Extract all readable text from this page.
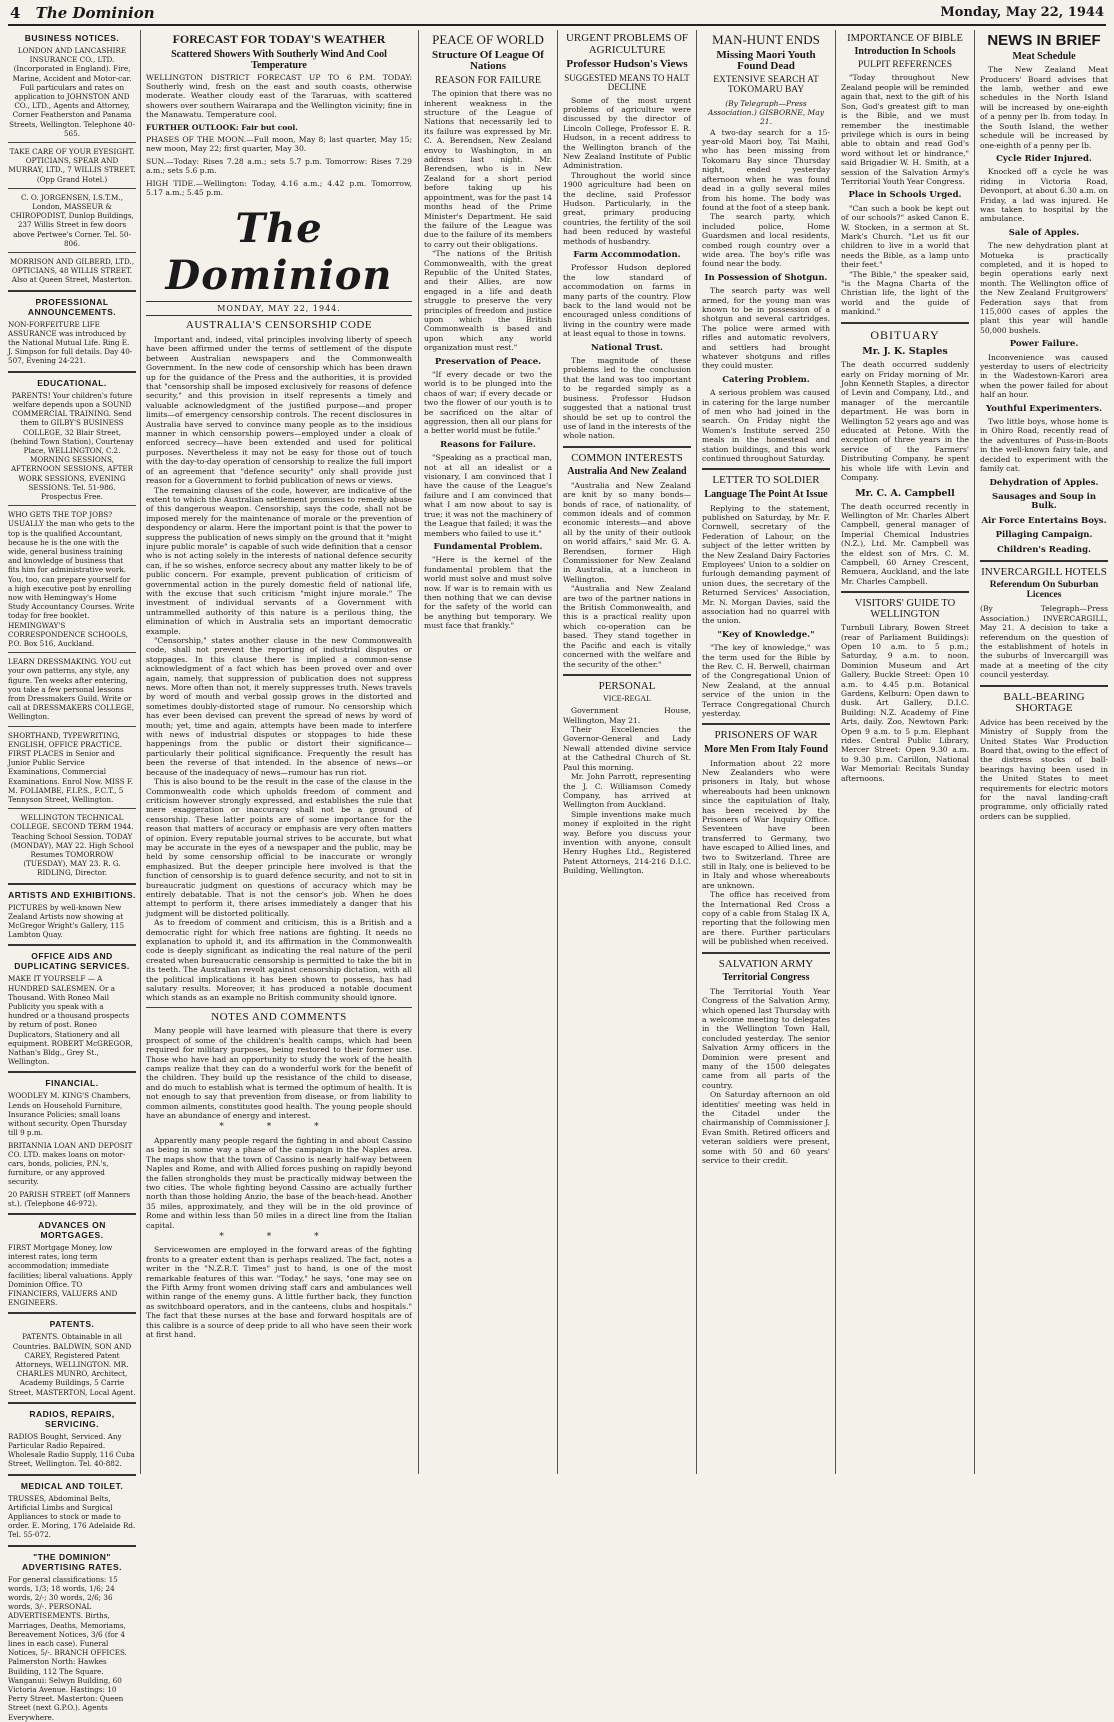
4 The Dominion	Monday, May 22, 1944
BUSINESS NOTICES.
LONDON AND LANCASHIRE INSURANCE CO., LTD. (Incorporated in England). Fire, Marine, Accident and Motor-car. Full particulars and rates on application to JOHNSTON AND CO., LTD., Agents and Attorney, Corner Featherston and Panama Streets, Wellington. Telephone 40-565.
TAKE CARE OF YOUR EYESIGHT. OPTICIANS, SPEAR AND MURRAY, LTD., 7 WILLIS STREET. (Opp Grand Hotel.)
C. O. JORGENSEN, I.S.T.M., London, MASSEUR & CHIROPODIST, Dunlop Buildings, 237 Willis Street in few doors above Pertwee's Corner. Tel. 50-806.
MORRISON AND GILBERD, LTD., OPTICIANS, 48 WILLIS STREET. Also at Queen Street, Masterton.
PROFESSIONAL ANNOUNCEMENTS.
NON-FORFEITURE LIFE ASSURANCE was introduced by the National Mutual Life. Ring E. J. Simpson for full details. Day 40-507, Evening 24-221.
EDUCATIONAL.
PARENTS! Your children's future welfare depends upon a SOUND COMMERCIAL TRAINING. Send them to GILBY'S BUSINESS COLLEGE, 32 Blair Street, (behind Town Station), Courtenay Place, WELLINGTON, C.2. MORNING SESSIONS, AFTERNOON SESSIONS, AFTER WORK SESSIONS, EVENING SESSIONS. Tel. 51-986. Prospectus Free.
WHO GETS THE TOP JOBS? USUALLY the man who gets to the top is the qualified Accountant, because he is the one with the wide, general business training and knowledge of business that fits him for administrative work. You, too, can prepare yourself for a high executive post by enrolling now with Hemingway's Home Study Accountancy Courses. Write today for free booklet. HEMINGWAY'S CORRESPONDENCE SCHOOLS, P.O. Box 516, Auckland.
LEARN DRESSMAKING. YOU cut your own patterns, any style, any figure. Ten weeks after entering, you take a few personal lessons from Dressmakers Guild. Write or call at DRESSMAKERS COLLEGE, Wellington.
SHORTHAND, TYPEWRITING, ENGLISH, OFFICE PRACTICE. FIRST PLACES in Senior and Junior Public Service Examinations, Commercial Examinations. Enrol Now. MISS F. M. FOLIAMBE, F.I.P.S., F.C.T., 5 Tennyson Street, Wellington.
WELLINGTON TECHNICAL COLLEGE. SECOND TERM 1944. Teaching School Session. TODAY (MONDAY), MAY 22. High School Resumes TOMORROW (TUESDAY), MAY 23. R. G. RIDLING, Director.
ARTISTS AND EXHIBITIONS.
PICTURES by well-known New Zealand Artists now showing at McGregor Wright's Gallery, 115 Lambton Quay.
OFFICE AIDS AND DUPLICATING SERVICES.
MAKE IT YOURSELF — A HUNDRED SALESMEN. Or a Thousand. With Roneo Mail Publicity you speak with a hundred or a thousand prospects by return of post. Roneo Duplicators, Stationery and all equipment. ROBERT McGREGOR, Nathan's Bldg., Grey St., Wellington.
FINANCIAL.
WOODLEY M. KING'S Chambers, Lends on Household Furniture, Insurance Policies; small loans without security. Open Thursday till 9 p.m.
BRITANNIA LOAN AND DEPOSIT CO. LTD. makes loans on motor-cars, bonds, policies, P.N.'s, furniture, or any approved security.
20 PARISH STREET (off Manners st.). (Telephone 46-972).
ADVANCES ON MORTGAGES.
FIRST Mortgage Money, low interest rates, long term accommodation; immediate facilities; liberal valuations. Apply Dominion Office. TO FINANCIERS, VALUERS AND ENGINEERS.
PATENTS.
PATENTS. Obtainable in all Countries. BALDWIN, SON AND CAREY, Registered Patent Attorneys, WELLINGTON. MR. CHARLES MUNRO, Architect, Academy Buildings, 5 Carrie Street, MASTERTON, Local Agent.
RADIOS, REPAIRS, SERVICING.
RADIOS Bought, Serviced. Any Particular Radio Repaired. Wholesale Radio Supply, 116 Cuba Street, Wellington. Tel. 40-882.
MEDICAL AND TOILET.
TRUSSES, Abdominal Belts, Artificial Limbs and Surgical Appliances to stock or made to order. E. Moring, 176 Adelaide Rd. Tel. 55-072.
"THE DOMINION" ADVERTISING RATES.
For general classifications: 15 words, 1/3; 18 words, 1/6; 24 words, 2/-; 30 words, 2/6; 36 words, 3/-. PERSONAL ADVERTISEMENTS. Births, Marriages, Deaths, Memoriams, Bereavement Notices, 3/6 (for 4 lines in each case). Funeral Notices, 5/-. BRANCH OFFICES. Palmerston North: Hawkes Building, 112 The Square. Wanganui: Selwyn Building, 60 Victoria Avenue. Hastings: 10 Perry Street. Masterton: Queen Street (next G.P.O.). Agents Everywhere.
FORECAST FOR TODAY'S WEATHER
Scattered Showers With Southerly Wind And Cool Temperature
WELLINGTON DISTRICT FORECAST UP TO 6 P.M. TODAY: Southerly wind, fresh on the east and south coasts, otherwise moderate. Weather cloudy east of the Tararuas, with scattered showers over southern Wairarapa and the Wellington vicinity; fine in the Manawatu. Temperature cool.
FURTHER OUTLOOK: Fair but cool.
PHASES OF THE MOON.—Full moon, May 8; last quarter, May 15; new moon, May 22; first quarter, May 30.
SUN.—Today: Rises 7.28 a.m.; sets 5.7 p.m. Tomorrow: Rises 7.29 a.m.; sets 5.6 p.m.
HIGH TIDE.—Wellington: Today, 4.16 a.m.; 4.42 p.m. Tomorrow, 5.17 a.m.; 5.45 p.m.
The Dominion
MONDAY, MAY 22, 1944.
AUSTRALIA'S CENSORSHIP CODE

Important and, indeed, vital principles involving liberty of speech have been affirmed under the terms of settlement of the dispute between Australian newspapers and the Commonwealth Government. In the new code of censorship which has been drawn up for the guidance of the Press and the authorities, it is provided that "censorship shall be imposed exclusively for reasons of defence security," and this provision in itself represents a timely and valuable acknowledgment of the justified purpose—and proper limits—of emergency censorship controls. The recent disclosures in Australia have served to convince many people as to the insidious manner in which censorship powers—employed under a cloak of enforced secrecy—have been extended and used for political purposes. Nevertheless it may not be easy for those out of touch with the day-to-day operation of censorship to realize the full import of an agreement that "defence security" only shall provide just reason for a Government to forbid publication of news or views.

The remaining clauses of the code, however, are indicative of the extent to which the Australian settlement promises to remedy abuse of this dangerous weapon. Censorship, says the code, shall not be imposed merely for the maintenance of morale or the prevention of despondency or alarm. Here the important point is that the power to suppress the publication of news simply on the ground that it "might injure public morale" is capable of such wide definition that a censor who is not acting solely in the interests of national defence security can, if he so wishes, enforce secrecy about any matter likely to be of public concern. For example, prevent publication of criticism of governmental action in the purely domestic field of national life, with the excuse that such criticism "might injure morale." The investment of individual servants of a Government with untrammelled authority of this nature is a perilous thing, the elimination of which in Australia sets an important democratic example.

"Censorship," states another clause in the new Commonwealth code, shall not prevent the reporting of industrial disputes or stoppages. In this clause there is implied a common-sense acknowledgment of a fact which has been proved over and over again, namely, that suppression of publication does not suppress news. More often than not, it merely suppresses truth. News travels by word of mouth and verbal gossip grows in the distorted and sometimes doubly-distorted stage of rumour. No censorship which has ever been devised can prevent the spread of news by word of mouth; yet, time and again, attempts have been made to interfere with news of industrial disputes or stoppages to hide these happenings from the public or distort their significance—particularly their political significance. Frequently the result has been the reverse of that intended. In the absence of news—or because of the inadequacy of news—rumour has run riot.

This is also bound to be the result in the case of the clause in the Commonwealth code which upholds freedom of comment and criticism however strongly expressed, and establishes the rule that mere exaggeration or inaccuracy shall not be a ground of censorship. These latter points are of some importance for the reason that matters of accuracy or emphasis are very often matters of opinion. Every reputable journal strives to be accurate, but what may be accurate in the eyes of a newspaper and the public, may be held by some censorship official to be inaccurate or wrongly emphasized. But the deeper principle here involved is that the function of censorship is to guard defence security, and not to sit in bureaucratic judgment on questions of accuracy which may be entirely debatable. That is not the censor's job. When he does attempt to perform it, there arises immediately a danger that his judgment will be distorted politically.

As to freedom of comment and criticism, this is a British and a democratic right for which free nations are fighting. It needs no explanation to uphold it, and its affirmation in the Commonwealth code is deeply significant as indicating the real nature of the peril created when bureaucratic censorship is permitted to take the bit in its teeth. The Australian revolt against censorship dictation, with all the political implications it has been shown to possess, has had salutary results. Moreover, it has produced a notable document which stands as an example no British community should ignore.

NOTES AND COMMENTS

Many people will have learned with pleasure that there is every prospect of some of the children's health camps, which had been required for military purposes, being restored to their former use. Those who have had an opportunity to study the work of the health camps realize that they can do a wonderful work for the benefit of the children. They build up the resistance of the child to disease, and do much to establish what is termed the optimum of health. It is not enough to say that prevention from disease, or from liability to common ailments, constitutes good health. The young people should have an abundance of energy and interest.

* * *

Apparently many people regard the fighting in and about Cassino as being in some way a phase of the campaign in the Naples area. The maps show that the town of Cassino is nearly half-way between Naples and Rome, and with Allied forces pushing on rapidly beyond the fallen strongholds they must be practically midway between the two cities. The whole fighting beyond Cassino are actually further north than those holding Anzio, the base of the beach-head. Another 35 miles, approximately, and they will be in the old province of Rome and within less than 50 miles in a direct line from the Italian capital.

* * *

Servicewomen are employed in the forward areas of the fighting fronts to a greater extent than is perhaps realized. The fact, notes a writer in the "N.Z.R.T. Times" just to hand, is one of the most remarkable features of this war. "Today," he says, "one may see on the Fifth Army front women driving staff cars and ambulances well within range of the enemy guns. A little further back, they function as switchboard operators, and in the canteens, clubs and hospitals." The fact that these nurses at the base and forward hospitals are of this calibre is a source of deep pride to all who have seen their work at first hand.

PEACE OF WORLD
Structure Of League Of Nations
REASON FOR FAILURE

The opinion that there was no inherent weakness in the structure of the League of Nations that necessarily led to its failure was expressed by Mr. C. A. Berendsen, New Zealand envoy to Washington, in an address last night. Mr. Berendsen, who is in New Zealand for a short period before taking up his appointment, was for the past 14 months head of the Prime Minister's Department. He said the failure of the League was due to the failure of its members to carry out their obligations.

"The nations of the British Commonwealth, with the great Republic of the United States, and their Allies, are now engaged in a life and death struggle to preserve the very principles of freedom and justice upon which the British Commonwealth is based and upon which any world organization must rest."

Preservation of Peace.

"If every decade or two the world is to be plunged into the chaos of war; if every decade or two the flower of our youth is to be sacrificed on the altar of aggression, then all our plans for a better world must be futile."

Reasons for Failure.

"Speaking as a practical man, not at all an idealist or a visionary, I am convinced that I have the cause of the League's failure and I am convinced that what I am now about to say is true; it was not the machinery of the League that failed; it was the members who failed to use it."

Fundamental Problem.

"Here is the kernel of the fundamental problem that the world must solve and must solve now. If war is to remain with us then nothing that we can devise for the safety of the world can be anything but temporary. We must face that frankly."

URGENT PROBLEMS OF AGRICULTURE
Professor Hudson's Views
SUGGESTED MEANS TO HALT DECLINE

Some of the most urgent problems of agriculture were discussed by the director of Lincoln College, Professor E. R. Hudson, in a recent address to the Wellington branch of the New Zealand Institute of Public Administration.

Throughout the world since 1900 agriculture had been on the decline, said Professor Hudson. Particularly, in the great, primary producing countries, the fertility of the soil had been reduced by wasteful methods of husbandry.

Farm Accommodation.

Professor Hudson deplored the low standard of accommodation on farms in many parts of the country. Flow back to the land would not be encouraged unless conditions of living in the country were made at least equal to those in towns.

National Trust.

The magnitude of these problems led to the conclusion that the land was too important to be regarded simply as a business. Professor Hudson suggested that a national trust should be set up to control the use of land in the interests of the whole nation.

COMMON INTERESTS
Australia And New Zealand

"Australia and New Zealand are knit by so many bonds—bonds of race, of nationality, of common ideals and of common economic interests—and above all by the unity of their outlook on world affairs," said Mr. G. A. Berendsen, former High Commissioner for New Zealand in Australia, at a luncheon in Wellington.

"Australia and New Zealand are two of the partner nations in the British Commonwealth, and this is a practical reality upon which co-operation can be based. They stand together in the Pacific and each is vitally concerned with the welfare and the security of the other."

PERSONAL
VICE-REGAL

Government House, Wellington, May 21.

Their Excellencies the Governor-General and Lady Newall attended divine service at the Cathedral Church of St. Paul this morning.

Mr. John Parrott, representing the J. C. Williamson Comedy Company, has arrived at Wellington from Auckland.

Simple inventions make much money if exploited in the right way. Before you discuss your invention with anyone, consult Henry Hughes Ltd., Registered Patent Attorneys, 214-216 D.I.C. Building, Wellington.

MAN-HUNT ENDS
Missing Maori Youth Found Dead
EXTENSIVE SEARCH AT TOKOMARU BAY
(By Telegraph—Press Association.) GISBORNE, May 21.

A two-day search for a 15-year-old Maori boy, Tai Maihi, who has been missing from Tokomaru Bay since Thursday night, ended yesterday afternoon when he was found dead in a gully several miles from his home. The body was found at the foot of a steep bank.

The search party, which included police, Home Guardsmen and local residents, combed rough country over a wide area. The boy's rifle was found near the body.

In Possession of Shotgun.

The search party was well armed, for the young man was known to be in possession of a shotgun and several cartridges. The police were armed with rifles and automatic revolvers, and settlers had brought whatever shotguns and rifles they could muster.

Catering Problem.

A serious problem was caused in catering for the large number of men who had joined in the search. On Friday night the Women's Institute served 250 meals in the homestead and station buildings, and this work continued throughout Saturday.

LETTER TO SOLDIER
Language The Point At Issue

Replying to the statement, published on Saturday, by Mr. F. Cornwell, secretary of the Federation of Labour, on the subject of the letter written by the New Zealand Dairy Factories Employees' Union to a soldier on furlough demanding payment of union dues, the secretary of the Returned Services' Association, Mr. N. Morgan Davies, said the association had no quarrel with the union.

"Key of Knowledge."

"The key of knowledge," was the term used for the Bible by the Rev. C. H. Berwell, chairman of the Congregational Union of New Zealand, at the annual service of the union in the Terrace Congregational Church yesterday.

PRISONERS OF WAR
More Men From Italy Found

Information about 22 more New Zealanders who were prisoners in Italy, but whose whereabouts had been unknown since the capitulation of Italy, has been received by the Prisoners of War Inquiry Office. Seventeen have been transferred to Germany, two have escaped to Allied lines, and two to Switzerland. Three are still in Italy, one is believed to be in Italy and whose whereabouts are unknown.

The office has received from the International Red Cross a copy of a cable from Stalag IX A, reporting that the following men are there. Further particulars will be published when received.

SALVATION ARMY
Territorial Congress

The Territorial Youth Year Congress of the Salvation Army, which opened last Thursday with a welcome meeting to delegates in the Wellington Town Hall, concluded yesterday. The senior Salvation Army officers in the Dominion were present and many of the 1500 delegates came from all parts of the country.

On Saturday afternoon an old identities' meeting was held in the Citadel under the chairmanship of Commissioner J. Evan Smith. Retired officers and veteran soldiers were present, some with 50 and 60 years' service to their credit.

IMPORTANCE OF BIBLE
Introduction In Schools
PULPIT REFERENCES

"Today throughout New Zealand people will be reminded again that, next to the gift of his Son, God's greatest gift to man is the Bible, and we must remember the inestimable privilege which is ours in being able to obtain and read God's word without let or hindrance," said Brigadier W. H. Smith, at a session of the Salvation Army's Territorial Youth Year Congress.

Place in Schools Urged.

"Can such a book be kept out of our schools?" asked Canon E. W. Stocken, in a sermon at St. Mark's Church. "Let us fit our children to live in a world that needs the Bible, as a lamp unto their feet."

"The Bible," the speaker said, "is the Magna Charta of the Christian life, the light of the world and the guide of mankind."

OBITUARY
Mr. J. K. Staples
The death occurred suddenly early on Friday morning of Mr. John Kenneth Staples, a director of Levin and Company, Ltd., and manager of the mercantile department. He was born in Wellington 52 years ago and was educated at Petone. With the exception of three years in the service of the Farmers' Distributing Company, he spent his whole life with Levin and Company.
Mr. C. A. Campbell
The death occurred recently in Wellington of Mr. Charles Albert Campbell, general manager of Imperial Chemical Industries (N.Z.), Ltd. Mr. Campbell was the eldest son of Mrs. C. M. Campbell, 60 Arney Crescent, Remuera, Auckland, and the late Mr. Charles Campbell.
VISITORS' GUIDE TO WELLINGTON
Turnbull Library, Bowen Street (rear of Parliament Buildings): Open 10 a.m. to 5 p.m.; Saturday, 9 a.m. to noon. Dominion Museum and Art Gallery, Buckle Street: Open 10 a.m. to 4.45 p.m. Botanical Gardens, Kelburn: Open dawn to dusk. Art Gallery, D.I.C. Building: N.Z. Academy of Fine Arts, daily. Zoo, Newtown Park: Open 9 a.m. to 5 p.m. Elephant rides. Central Public Library, Mercer Street: Open 9.30 a.m. to 9.30 p.m. Carillon, National War Memorial: Recitals Sunday afternoons.
NEWS IN BRIEF
Meat Schedule

The New Zealand Meat Producers' Board advises that the lamb, wether and ewe schedules in the North Island will be increased by one-eighth of a penny per lb. from today. In the South Island, the wether schedule will be increased by one-eighth of a penny per lb.

Cycle Rider Injured.

Knocked off a cycle he was riding in Victoria Road, Devonport, at about 6.30 a.m. on Friday, a lad was injured. He was taken to hospital by the ambulance.

Sale of Apples.

The new dehydration plant at Motueka is practically completed, and it is hoped to begin operations early next month. The Wellington office of the New Zealand Fruitgrowers' Federation says that from 115,000 cases of apples the plant this year will handle 50,000 bushels.

Power Failure.

Inconvenience was caused yesterday to users of electricity in the Wadestown-Karori area when the power failed for about half an hour.

Youthful Experimenters.

Two little boys, whose home is in Ohiro Road, recently read of the adventures of Puss-in-Boots in the well-known fairy tale, and decided to experiment with the family cat.

Dehydration of Apples.
Sausages and Soup in Bulk.
Air Force Entertains Boys.
Pillaging Campaign.
Children's Reading.
INVERCARGILL HOTELS
Referendum On Suburban Licences
(By Telegraph—Press Association.) INVERCARGILL, May 21. A decision to take a referendum on the question of the establishment of hotels in the suburbs of Invercargill was made at a meeting of the city council yesterday.
BALL-BEARING SHORTAGE
Advice has been received by the Ministry of Supply from the United States War Production Board that, owing to the effect of the distress stocks of ball-bearings having been used in the United States to meet requirements for electric motors for the naval landing-craft programme, only officially rated orders can be supplied.
